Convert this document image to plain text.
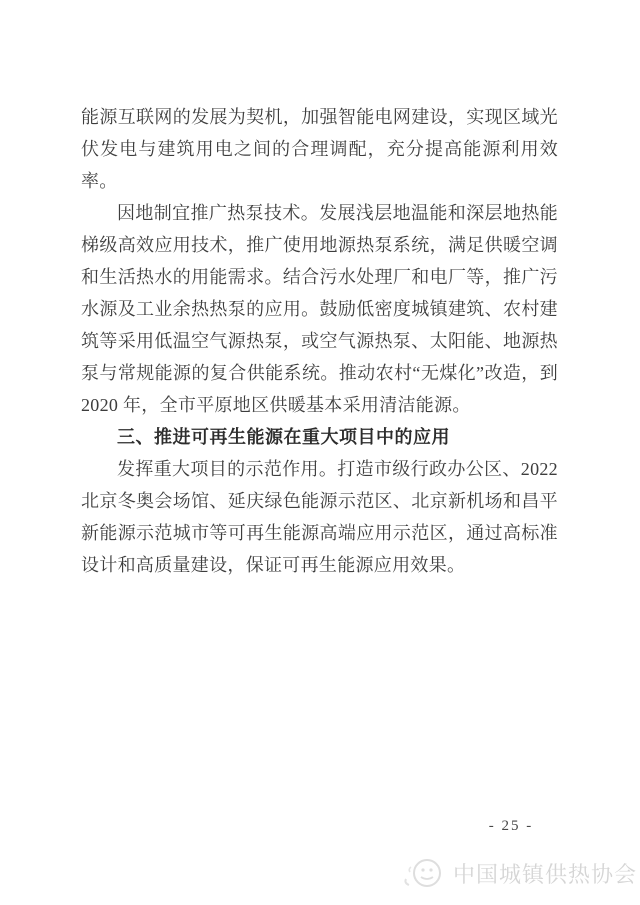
能源互联网的发展为契机，加强智能电网建设，实现区域光伏发电与建筑用电之间的合理调配，充分提高能源利用效率。

因地制宜推广热泵技术。发展浅层地温能和深层地热能梯级高效应用技术，推广使用地源热泵系统，满足供暖空调和生活热水的用能需求。结合污水处理厂和电厂等，推广污水源及工业余热热泵的应用。鼓励低密度城镇建筑、农村建筑等采用低温空气源热泵，或空气源热泵、太阳能、地源热泵与常规能源的复合供能系统。推动农村“无煤化”改造，到 2020 年，全市平原地区供暖基本采用清洁能源。

三、推进可再生能源在重大项目中的应用

发挥重大项目的示范作用。打造市级行政办公区、2022 北京冬奥会场馆、延庆绿色能源示范区、北京新机场和昌平新能源示范城市等可再生能源高端应用示范区，通过高标准设计和高质量建设，保证可再生能源应用效果。

- 25 -
中国城镇供热协会
